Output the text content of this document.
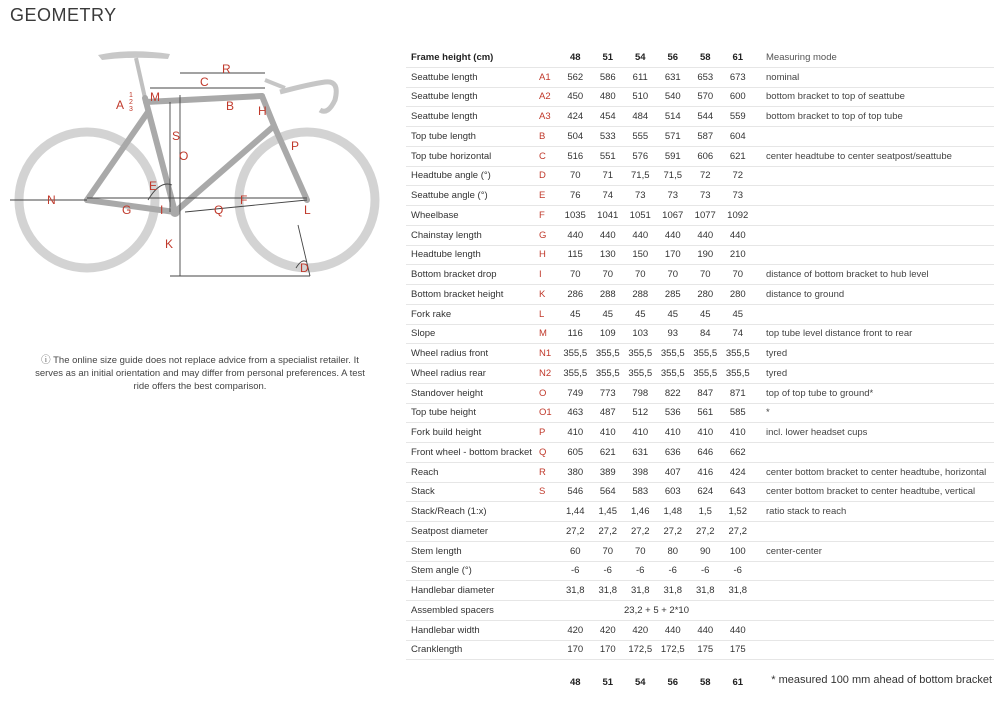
GEOMETRY
R
C
B H
M
A
1
2
3
S
O
P
E
N
G I	Q
F
L
K
D
ⓘ The online size guide does not replace advice from a specialist retailer. It serves as an initial orientation and may differ from personal preferences. A test ride offers the best comparison.
Frame height (cm)		48	51	54	56	58	61	Measuring mode
Seattube length	A1	562	586	611	631	653	673	nominal
Seattube length	A2	450	480	510	540	570	600	bottom bracket to top of seattube
Seattube length	A3	424	454	484	514	544	559	bottom bracket to top of top tube
Top tube length	B	504	533	555	571	587	604	
Top tube horizontal	C	516	551	576	591	606	621	center headtube to center seatpost/seattube
Headtube angle (°)	D	70	71	71,5	71,5	72	72	
Seattube angle (°)	E	76	74	73	73	73	73	
Wheelbase	F	1035	1041	1051	1067	1077	1092	
Chainstay length	G	440	440	440	440	440	440	
Headtube length	H	115	130	150	170	190	210	
Bottom bracket drop	I	70	70	70	70	70	70	distance of bottom bracket to hub level
Bottom bracket height	K	286	288	288	285	280	280	distance to ground
Fork rake	L	45	45	45	45	45	45	
Slope	M	116	109	103	93	84	74	top tube level distance front to rear
Wheel radius front	N1	355,5	355,5	355,5	355,5	355,5	355,5	tyred
Wheel radius rear	N2	355,5	355,5	355,5	355,5	355,5	355,5	tyred
Standover height	O	749	773	798	822	847	871	top of top tube to ground*
Top tube height	O1	463	487	512	536	561	585	*
Fork build height	P	410	410	410	410	410	410	incl. lower headset cups
Front wheel - bottom bracket	Q	605	621	631	636	646	662	
Reach	R	380	389	398	407	416	424	center bottom bracket to center headtube, horizontal
Stack	S	546	564	583	603	624	643	center bottom bracket to center headtube, vertical
Stack/Reach (1:x)		1,44	1,45	1,46	1,48	1,5	1,52	ratio stack to reach
Seatpost diameter		27,2	27,2	27,2	27,2	27,2	27,2	
Stem length		60	70	70	80	90	100	center-center
Stem angle (°)		-6	-6	-6	-6	-6	-6	
Handlebar diameter		31,8	31,8	31,8	31,8	31,8	31,8	
Assembled spacers		23,2 + 5 + 2*10						
Handlebar width		420	420	420	440	440	440	
Cranklength		170	170	172,5	172,5	175	175	
		48	51	54	56	58	61		* measured 100 mm ahead of bottom bracket
